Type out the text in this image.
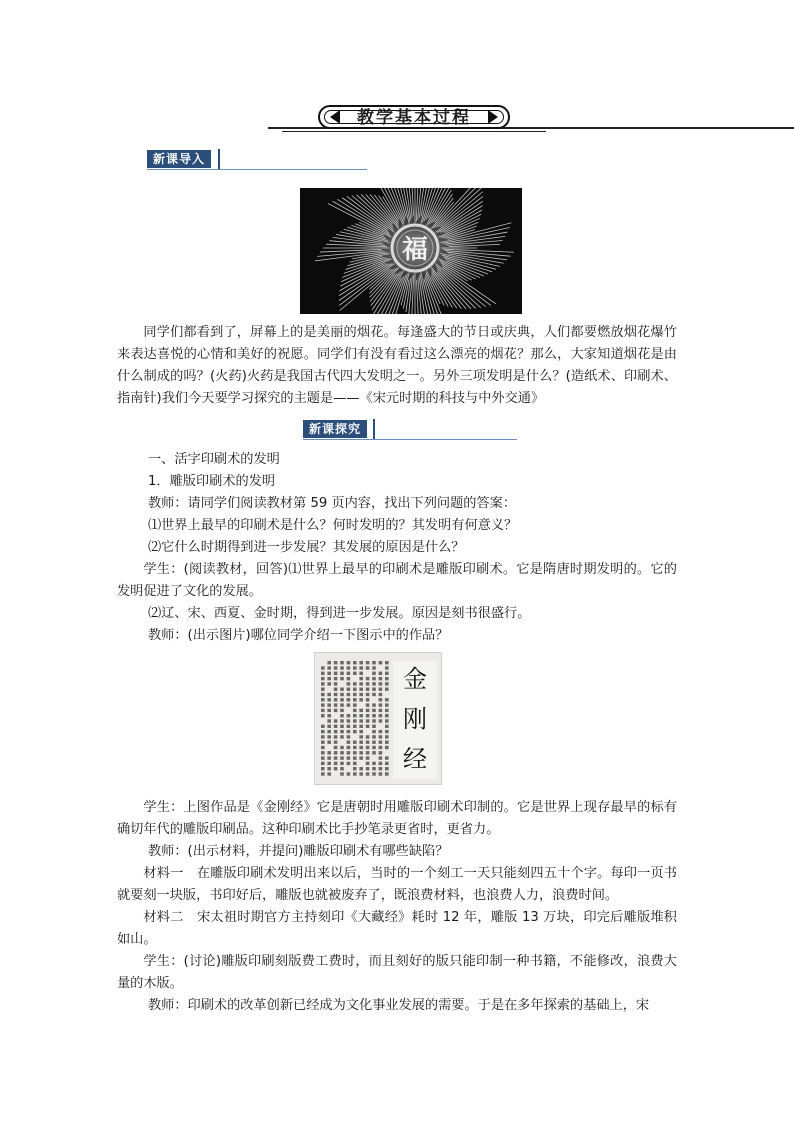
教学基本过程
新课导入
福

同学们都看到了，屏幕上的是美丽的烟花。每逢盛大的节日或庆典，人们都要燃放烟花爆竹来表达喜悦的心情和美好的祝愿。同学们有没有看过这么漂亮的烟花？那么，大家知道烟花是由什么制成的吗？(火药)火药是我国古代四大发明之一。另外三项发明是什么？(造纸术、印刷术、指南针)我们今天要学习探究的主题是——《宋元时期的科技与中外交通》

新课探究

一、活字印刷术的发明

1．雕版印刷术的发明

教师：请同学们阅读教材第 59 页内容，找出下列问题的答案：

⑴世界上最早的印刷术是什么？何时发明的？其发明有何意义？

⑵它什么时期得到进一步发展？其发展的原因是什么？

学生：(阅读教材，回答)⑴世界上最早的印刷术是雕版印刷术。它是隋唐时期发明的。它的发明促进了文化的发展。

⑵辽、宋、西夏、金时期，得到进一步发展。原因是刻书很盛行。

教师：(出示图片)哪位同学介绍一下图示中的作品？

金
刚
经

学生：上图作品是《金刚经》它是唐朝时用雕版印刷术印制的。它是世界上现存最早的标有确切年代的雕版印刷品。这种印刷术比手抄笔录更省时，更省力。

教师：(出示材料，并提问)雕版印刷术有哪些缺陷？

材料一　在雕版印刷术发明出来以后，当时的一个刻工一天只能刻四五十个字。每印一页书就要刻一块版，书印好后，雕版也就被废弃了，既浪费材料，也浪费人力，浪费时间。

材料二　宋太祖时期官方主持刻印《大藏经》耗时 12 年，雕版 13 万块，印完后雕版堆积如山。

学生：(讨论)雕版印刷刻版费工费时，而且刻好的版只能印制一种书籍，不能修改，浪费大量的木版。

教师：印刷术的改革创新已经成为文化事业发展的需要。于是在多年探索的基础上，宋
